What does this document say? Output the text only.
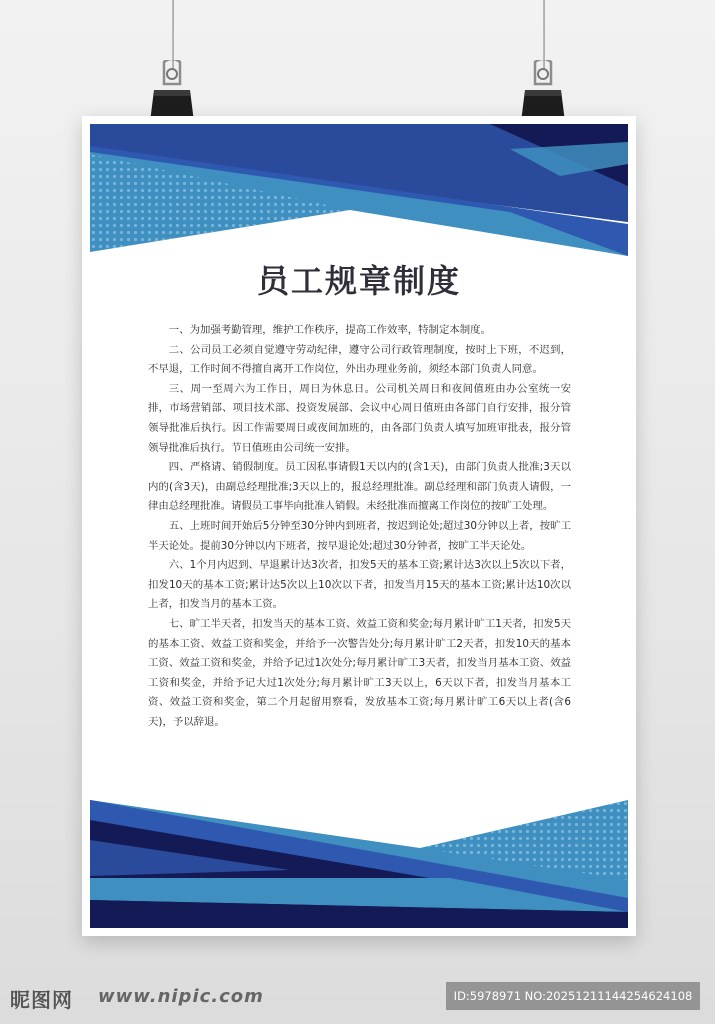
员工规章制度

一、为加强考勤管理，维护工作秩序，提高工作效率，特制定本制度。

二、公司员工必须自觉遵守劳动纪律，遵守公司行政管理制度，按时上下班，不迟到，不早退，工作时间不得擅自离开工作岗位，外出办理业务前，须经本部门负责人同意。

三、周一至周六为工作日，周日为休息日。公司机关周日和夜间值班由办公室统一安排，市场营销部、项目技术部、投资发展部、会议中心周日值班由各部门自行安排，报分管领导批准后执行。因工作需要周日或夜间加班的，由各部门负责人填写加班审批表，报分管领导批准后执行。节日值班由公司统一安排。

四、严格请、销假制度。员工因私事请假1天以内的(含1天)，由部门负责人批准;3天以内的(含3天)，由副总经理批准;3天以上的，报总经理批准。副总经理和部门负责人请假，一律由总经理批准。请假员工事毕向批准人销假。未经批准而擅离工作岗位的按旷工处理。

五、上班时间开始后5分钟至30分钟内到班者，按迟到论处;超过30分钟以上者，按旷工半天论处。提前30分钟以内下班者，按早退论处;超过30分钟者，按旷工半天论处。

六、1个月内迟到、早退累计达3次者，扣发5天的基本工资;累计达3次以上5次以下者，扣发10天的基本工资;累计达5次以上10次以下者，扣发当月15天的基本工资;累计达10次以上者，扣发当月的基本工资。

七、旷工半天者，扣发当天的基本工资、效益工资和奖金;每月累计旷工1天者，扣发5天的基本工资、效益工资和奖金，并给予一次警告处分;每月累计旷工2天者，扣发10天的基本工资、效益工资和奖金，并给予记过1次处分;每月累计旷工3天者，扣发当月基本工资、效益工资和奖金，并给予记大过1次处分;每月累计旷工3天以上，6天以下者，扣发当月基本工资、效益工资和奖金，第二个月起留用察看，发放基本工资;每月累计旷工6天以上者(含6天)，予以辞退。

昵图网 www.nipic.com	ID:5978971 NO:20251211144254624108
